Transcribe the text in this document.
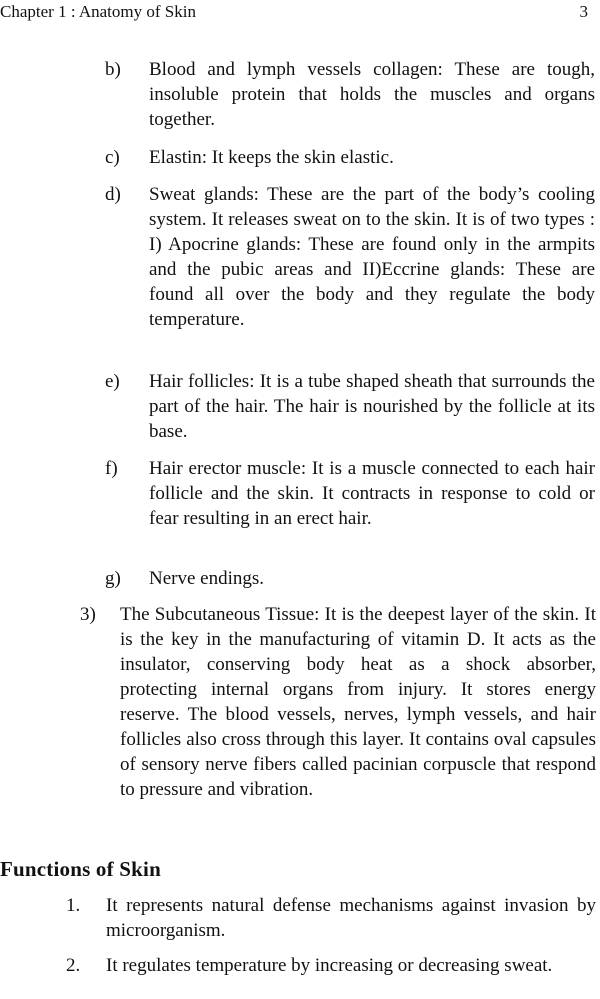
Chapter 1 : Anatomy of Skin	3
b) Blood and lymph vessels collagen: These are tough, insoluble protein that holds the muscles and organs together.
c) Elastin: It keeps the skin elastic.
d) Sweat glands: These are the part of the body’s cooling system. It releases sweat on to the skin. It is of two types : I) Apocrine glands: These are found only in the armpits and the pubic areas and II)Eccrine glands: These are found all over the body and they regulate the body temperature.
e) Hair follicles: It is a tube shaped sheath that surrounds the part of the hair. The hair is nourished by the follicle at its base.
f) Hair erector muscle: It is a muscle connected to each hair follicle and the skin. It contracts in response to cold or fear resulting in an erect hair.
g) Nerve endings.
3) The Subcutaneous Tissue: It is the deepest layer of the skin. It is the key in the manufacturing of vitamin D. It acts as the insulator, conserving body heat as a shock absorber, protecting internal organs from injury. It stores energy reserve. The blood vessels, nerves, lymph vessels, and hair follicles also cross through this layer. It contains oval capsules of sensory nerve fibers called pacinian corpuscle that respond to pressure and vibration.
Functions of Skin
1. It represents natural defense mechanisms against invasion by microorganism.
2. It regulates temperature by increasing or decreasing sweat.
